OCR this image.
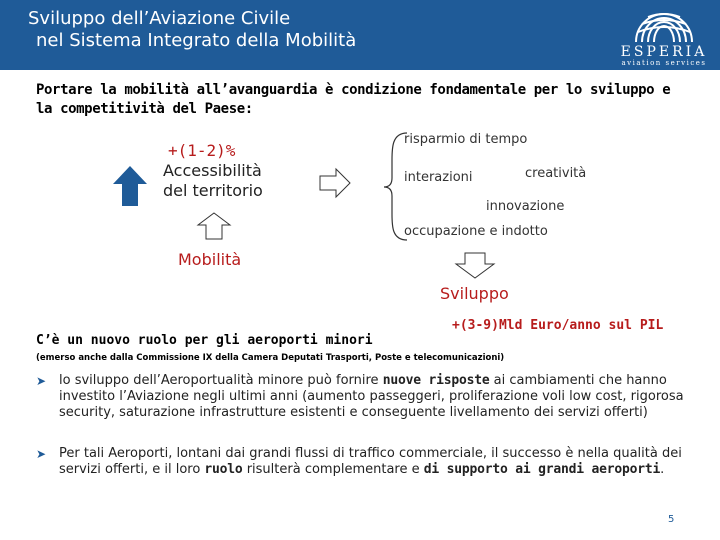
Sviluppo dell’Aviazione Civile
nel Sistema Integrato della Mobilità
ESPERIA
aviation services
Portare la mobilità all’avanguardia è condizione fondamentale per lo sviluppo e la competitività del Paese:
+(1-2)%
Accessibilità
del territorio
risparmio di tempo
interazioni	creatività
innovazione
occupazione e indotto
Mobilità
Sviluppo
+(3-9)Mld Euro/anno sul PIL
C’è un nuovo ruolo per gli aeroporti minori
(emerso anche dalla Commissione IX della Camera Deputati Trasporti, Poste e telecomunicazioni)
➤ lo sviluppo dell’Aeroportualità minore può fornire nuove risposte ai cambiamenti che hanno investito l’Aviazione negli ultimi anni (aumento passeggeri, proliferazione voli low cost, rigorosa security, saturazione infrastrutture esistenti e conseguente livellamento dei servizi offerti)
➤ Per tali Aeroporti, lontani dai grandi flussi di traffico commerciale, il successo è nella qualità dei servizi offerti, e il loro ruolo risulterà complementare e di supporto ai grandi aeroporti.
5
